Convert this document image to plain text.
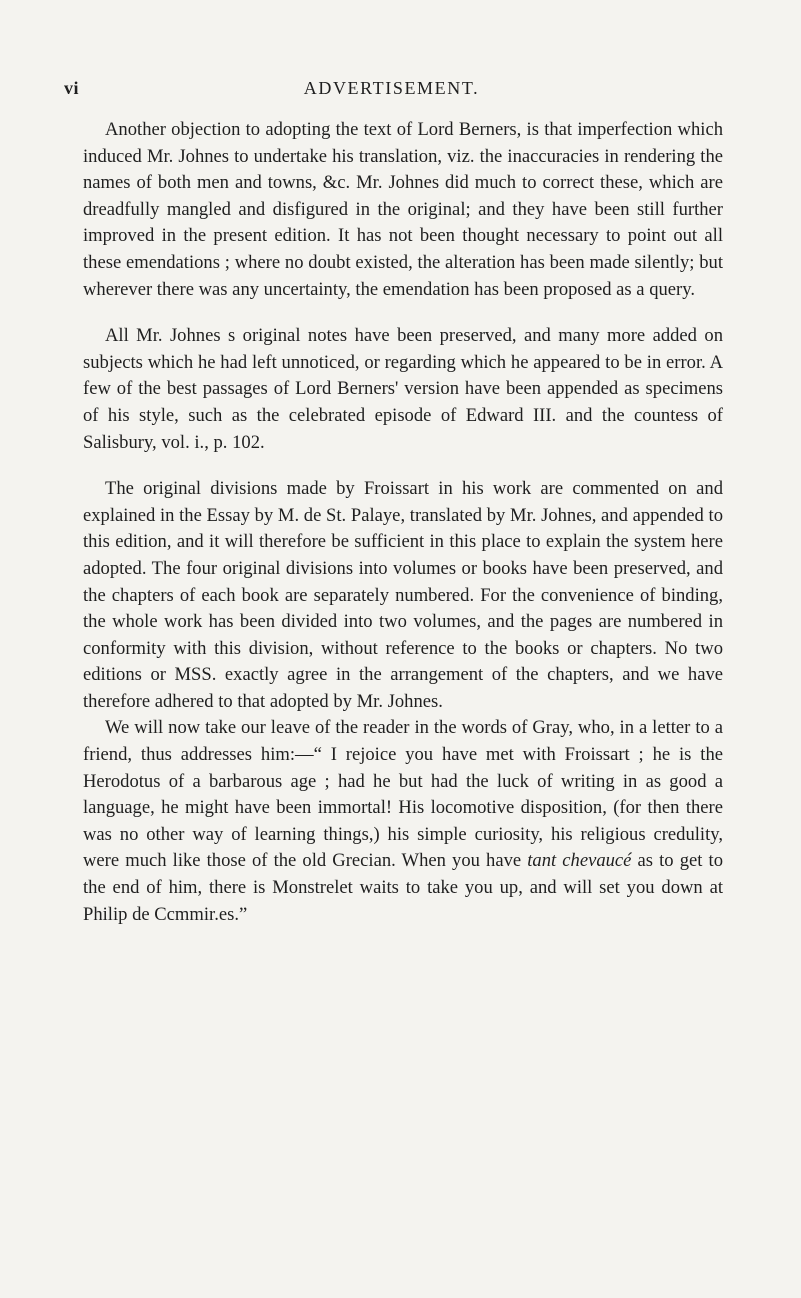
vi	ADVERTISEMENT.

Another objection to adopting the text of Lord Berners, is that imperfection which induced Mr. Johnes to undertake his translation, viz. the inaccuracies in rendering the names of both men and towns, &c. Mr. Johnes did much to correct these, which are dreadfully mangled and disfigured in the original; and they have been still further improved in the present edition. It has not been thought necessary to point out all these emendations ; where no doubt existed, the alteration has been made silently; but wherever there was any uncertainty, the emendation has been proposed as a query.

All Mr. Johnes s original notes have been preserved, and many more added on subjects which he had left unnoticed, or regarding which he appeared to be in error. A few of the best passages of Lord Berners' version have been appended as specimens of his style, such as the celebrated episode of Edward III. and the countess of Salisbury, vol. i., p. 102.

The original divisions made by Froissart in his work are commented on and explained in the Essay by M. de St. Palaye, translated by Mr. Johnes, and appended to this edition, and it will therefore be sufficient in this place to explain the system here adopted. The four original divisions into volumes or books have been preserved, and the chapters of each book are separately numbered. For the convenience of binding, the whole work has been divided into two volumes, and the pages are numbered in conformity with this division, without reference to the books or chapters. No two editions or MSS. exactly agree in the arrangement of the chapters, and we have therefore adhered to that adopted by Mr. Johnes.

We will now take our leave of the reader in the words of Gray, who, in a letter to a friend, thus addresses him:—“ I rejoice you have met with Froissart ; he is the Herodotus of a barbarous age ; had he but had the luck of writing in as good a language, he might have been immortal! His locomotive disposition, (for then there was no other way of learning things,) his simple curiosity, his religious credulity, were much like those of the old Grecian. When you have tant chevaucé as to get to the end of him, there is Monstrelet waits to take you up, and will set you down at Philip de Ccmmir.es.”
